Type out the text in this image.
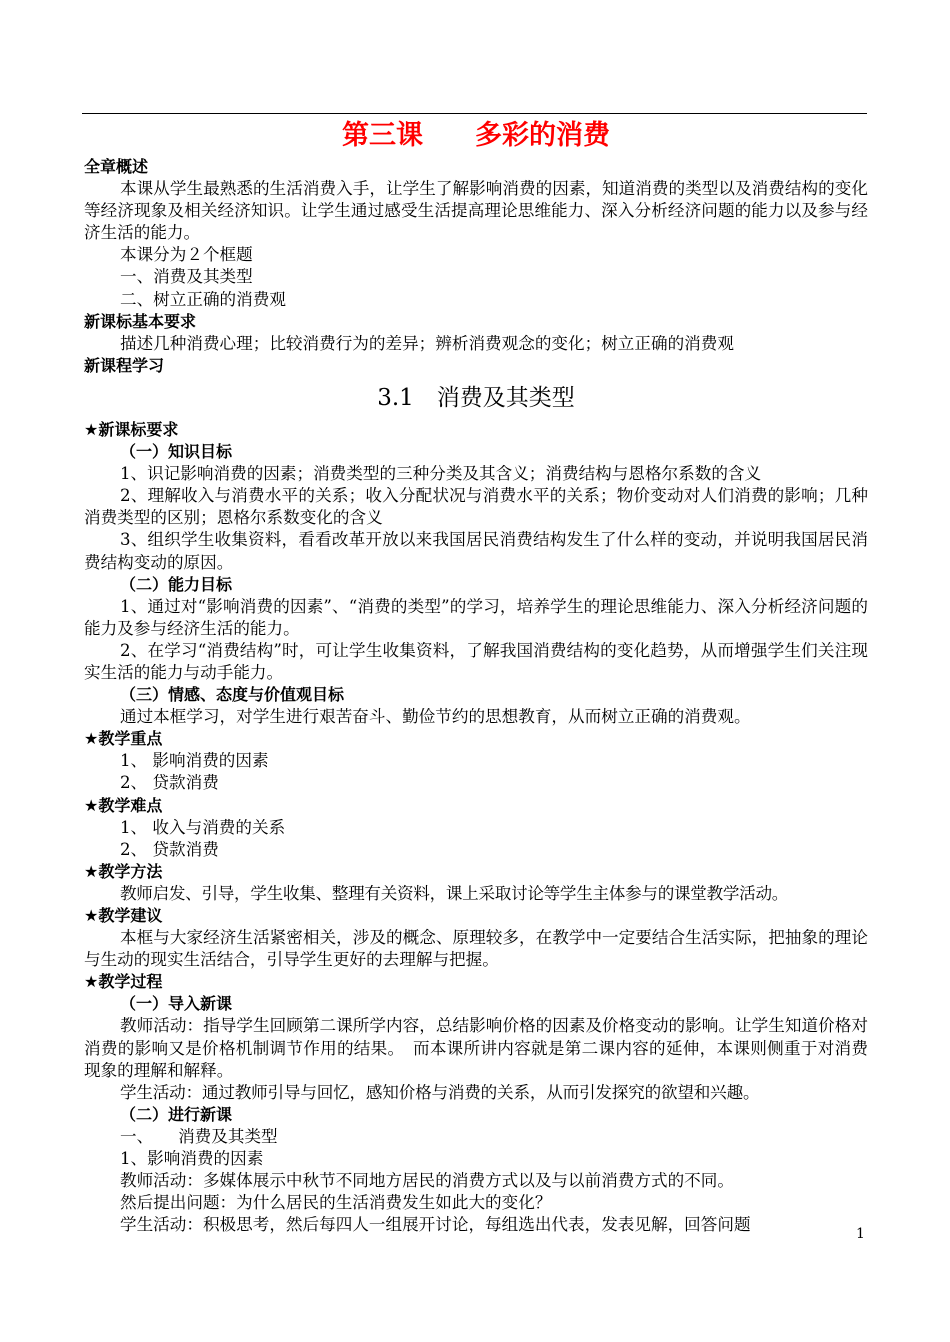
第三课 多彩的消费
全章概述
本课从学生最熟悉的生活消费入手，让学生了解影响消费的因素，知道消费的类型以及消费结构的变化等经济现象及相关经济知识。让学生通过感受生活提高理论思维能力、深入分析经济问题的能力以及参与经济生活的能力。
本课分为２个框题
一、消费及其类型
二、树立正确的消费观
新课标基本要求
描述几种消费心理；比较消费行为的差异；辨析消费观念的变化；树立正确的消费观
新课程学习
3.1　消费及其类型
★新课标要求
（一）知识目标
1、识记影响消费的因素；消费类型的三种分类及其含义；消费结构与恩格尔系数的含义
2、理解收入与消费水平的关系；收入分配状况与消费水平的关系；物价变动对人们消费的影响；几种消费类型的区别；恩格尔系数变化的含义
3、组织学生收集资料，看看改革开放以来我国居民消费结构发生了什么样的变动，并说明我国居民消费结构变动的原因。
（二）能力目标
1、通过对“影响消费的因素”、“消费的类型”的学习，培养学生的理论思维能力、深入分析经济问题的能力及参与经济生活的能力。
2、在学习“消费结构”时，可让学生收集资料，了解我国消费结构的变化趋势，从而增强学生们关注现实生活的能力与动手能力。
（三）情感、态度与价值观目标
通过本框学习，对学生进行艰苦奋斗、勤俭节约的思想教育，从而树立正确的消费观。
★教学重点
1、 影响消费的因素
2、 贷款消费
★教学难点
1、 收入与消费的关系
2、 贷款消费
★教学方法
教师启发、引导，学生收集、整理有关资料，课上采取讨论等学生主体参与的课堂教学活动。
★教学建议
本框与大家经济生活紧密相关，涉及的概念、原理较多，在教学中一定要结合生活实际，把抽象的理论与生动的现实生活结合，引导学生更好的去理解与把握。
★教学过程
（一）导入新课
教师活动：指导学生回顾第二课所学内容，总结影响价格的因素及价格变动的影响。让学生知道价格对消费的影响又是价格机制调节作用的结果。　而本课所讲内容就是第二课内容的延伸，本课则侧重于对消费现象的理解和解释。
学生活动：通过教师引导与回忆，感知价格与消费的关系，从而引发探究的欲望和兴趣。
（二）进行新课
一、　　消费及其类型
1、影响消费的因素
教师活动：多媒体展示中秋节不同地方居民的消费方式以及与以前消费方式的不同。
然后提出问题：为什么居民的生活消费发生如此大的变化？
学生活动：积极思考，然后每四人一组展开讨论，每组选出代表，发表见解，回答问题	1
